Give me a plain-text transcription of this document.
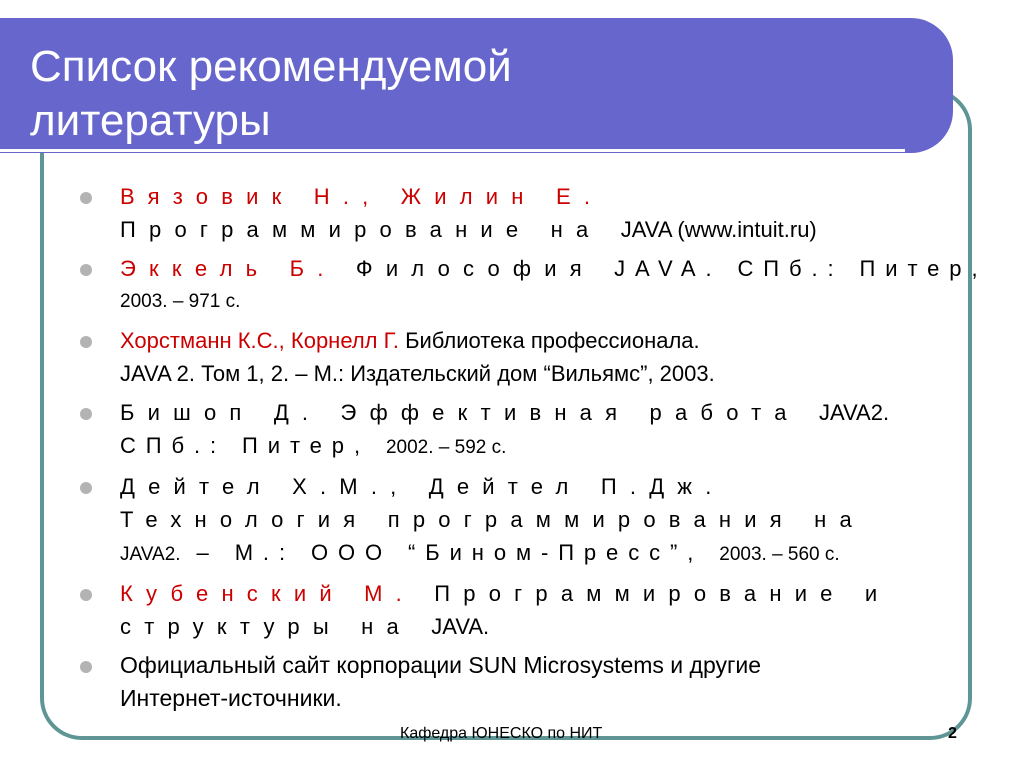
Список рекомендуемой
литературы
Вязовик Н., Жилин Е.
Программирование на JAVA (www.intuit.ru)
Эккель Б. Философия JAVA. СПб.: Питер,
2003. – 971 с.
Хорстманн К.С., Корнелл Г. Библиотека профессионала.
JAVA 2. Том 1, 2. – М.: Издательский дом “Вильямс”, 2003.
Бишоп Д. Эффективная работа JAVA2.
СПб.: Питер, 2002. – 592 с.
Дейтел Х.М., Дейтел П.Дж.
Технология программирования на
JAVA2. – М.: ООО “Бином-Пресс”, 2003. – 560 с.
Кубенский М. Программирование и
структуры на JAVA.
Официальный сайт корпорации SUN Microsystems и другие
Интернет-источники.
Кафедра ЮНЕСКО по НИТ	2
